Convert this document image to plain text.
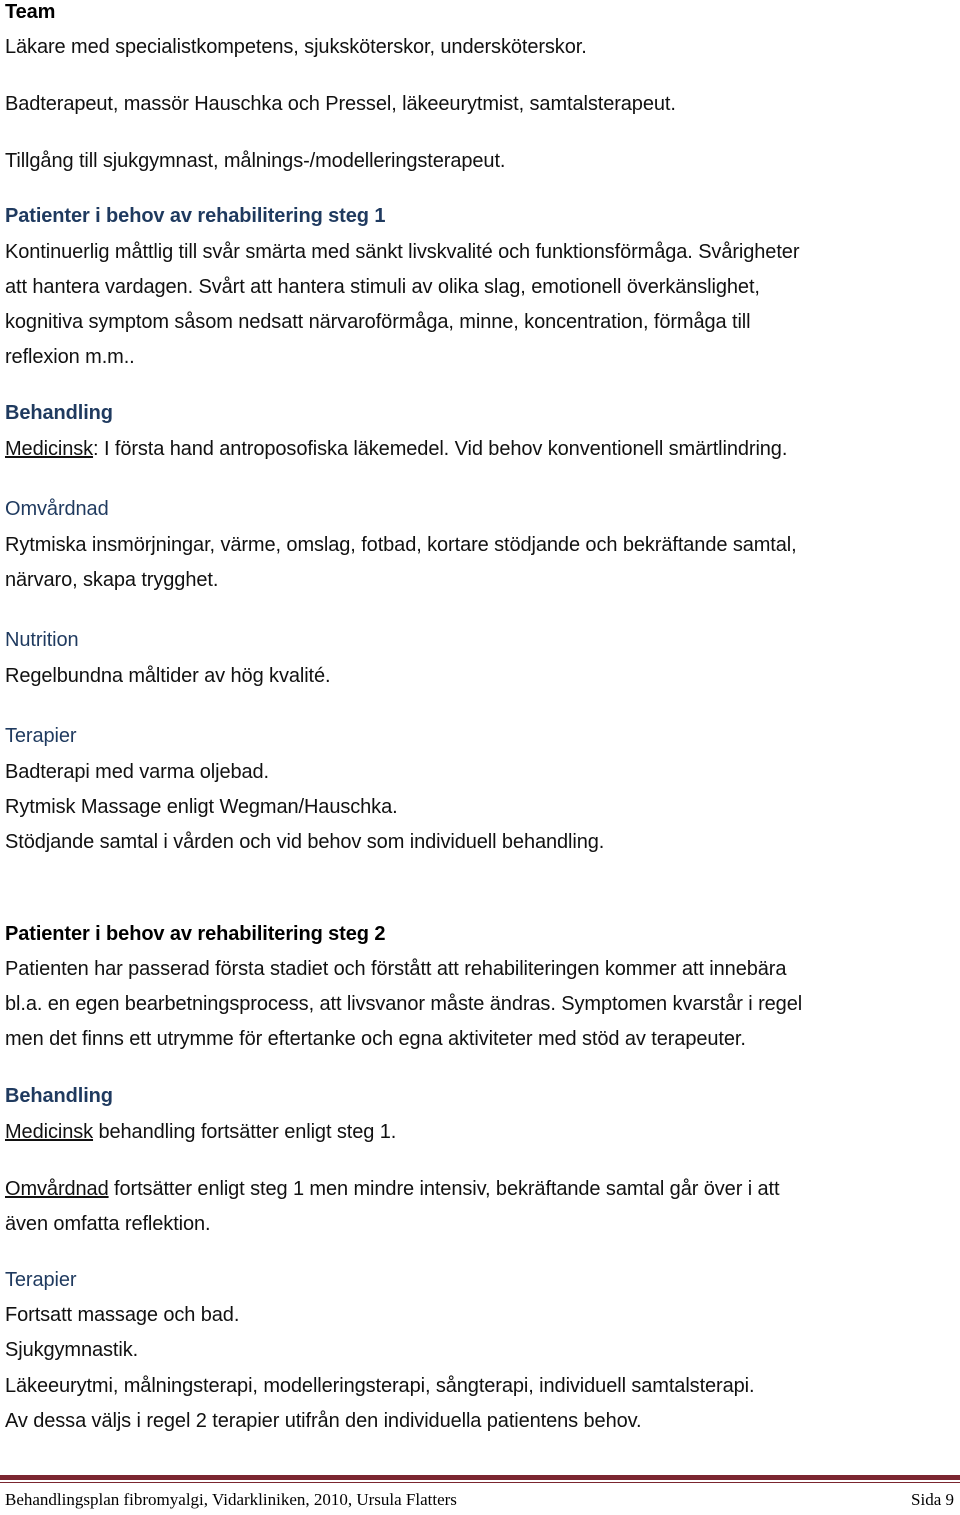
Team
Läkare med specialistkompetens, sjuksköterskor, undersköterskor.
Badterapeut, massör Hauschka och Pressel, läkeeurytmist, samtalsterapeut.
Tillgång till sjukgymnast, målnings-/modelleringsterapeut.
Patienter i behov av rehabilitering steg 1
Kontinuerlig måttlig till svår smärta med sänkt livskvalité och funktionsförmåga. Svårigheter
att hantera vardagen. Svårt att hantera stimuli av olika slag, emotionell överkänslighet,
kognitiva symptom såsom nedsatt närvaroförmåga, minne, koncentration, förmåga till
reflexion m.m..
Behandling
Medicinsk: I första hand antroposofiska läkemedel. Vid behov konventionell smärtlindring.
Omvårdnad
Rytmiska insmörjningar, värme, omslag, fotbad, kortare stödjande och bekräftande samtal,
närvaro, skapa trygghet.
Nutrition
Regelbundna måltider av hög kvalité.
Terapier
Badterapi med varma oljebad.
Rytmisk Massage enligt Wegman/Hauschka.
Stödjande samtal i vården och vid behov som individuell behandling.
Patienter i behov av rehabilitering steg 2
Patienten har passerad första stadiet och förstått att rehabiliteringen kommer att innebära
bl.a. en egen bearbetningsprocess, att livsvanor måste ändras. Symptomen kvarstår i regel
men det finns ett utrymme för eftertanke och egna aktiviteter med stöd av terapeuter.
Behandling
Medicinsk behandling fortsätter enligt steg 1.
Omvårdnad fortsätter enligt steg 1 men mindre intensiv, bekräftande samtal går över i att
även omfatta reflektion.
Terapier
Fortsatt massage och bad.
Sjukgymnastik.
Läkeeurytmi, målningsterapi, modelleringsterapi, sångterapi, individuell samtalsterapi.
Av dessa väljs i regel 2 terapier utifrån den individuella patientens behov.
Behandlingsplan fibromyalgi, Vidarkliniken, 2010, Ursula Flatters	Sida 9
